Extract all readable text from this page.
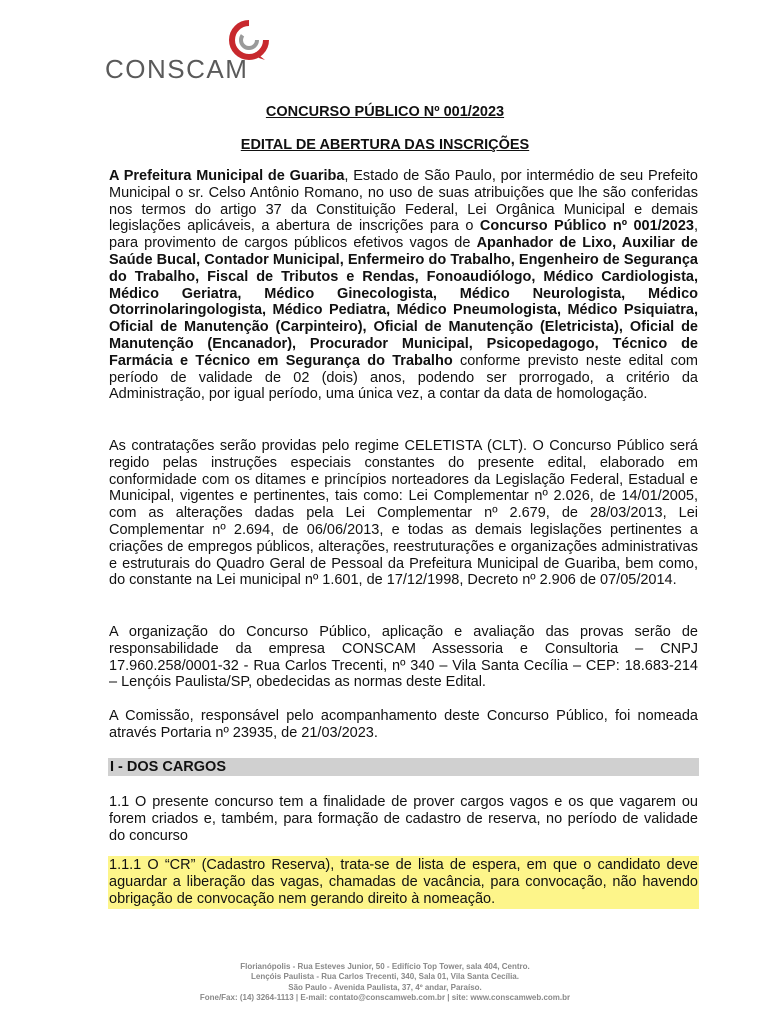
CONSCAM
CONCURSO PÚBLICO Nº 001/2023
EDITAL DE ABERTURA DAS INSCRIÇÕES

A Prefeitura Municipal de Guariba, Estado de São Paulo, por intermédio de seu Prefeito Municipal o sr. Celso Antônio Romano, no uso de suas atribuições que lhe são conferidas nos termos do artigo 37 da Constituição Federal, Lei Orgânica Municipal e demais legislações aplicáveis, a abertura de inscrições para o Concurso Público nº 001/2023, para provimento de cargos públicos efetivos vagos de Apanhador de Lixo, Auxiliar de Saúde Bucal, Contador Municipal, Enfermeiro do Trabalho, Engenheiro de Segurança do Trabalho, Fiscal de Tributos e Rendas, Fonoaudiólogo, Médico Cardiologista, Médico Geriatra, Médico Ginecologista, Médico Neurologista, Médico Otorrinolaringologista, Médico Pediatra, Médico Pneumologista, Médico Psiquiatra, Oficial de Manutenção (Carpinteiro), Oficial de Manutenção (Eletricista), Oficial de Manutenção (Encanador), Procurador Municipal, Psicopedagogo, Técnico de Farmácia e Técnico em Segurança do Trabalho conforme previsto neste edital com período de validade de 02 (dois) anos, podendo ser prorrogado, a critério da Administração, por igual período, uma única vez, a contar da data de homologação.

As contratações serão providas pelo regime CELETISTA (CLT). O Concurso Público será regido pelas instruções especiais constantes do presente edital, elaborado em conformidade com os ditames e princípios norteadores da Legislação Federal, Estadual e Municipal, vigentes e pertinentes, tais como: Lei Complementar nº 2.026, de 14/01/2005, com as alterações dadas pela Lei Complementar nº 2.679, de 28/03/2013, Lei Complementar nº 2.694, de 06/06/2013, e todas as demais legislações pertinentes a criações de empregos públicos, alterações, reestruturações e organizações administrativas e estruturais do Quadro Geral de Pessoal da Prefeitura Municipal de Guariba, bem como, do constante na Lei municipal nº 1.601, de 17/12/1998, Decreto nº 2.906 de 07/05/2014.

A organização do Concurso Público, aplicação e avaliação das provas serão de responsabilidade da empresa CONSCAM Assessoria e Consultoria – CNPJ 17.960.258/0001-32 - Rua Carlos Trecenti, nº 340 – Vila Santa Cecília – CEP: 18.683-214 – Lençóis Paulista/SP, obedecidas as normas deste Edital.

A Comissão, responsável pelo acompanhamento deste Concurso Público, foi nomeada através Portaria nº 23935, de 21/03/2023.

I - DOS CARGOS

1.1 O presente concurso tem a finalidade de prover cargos vagos e os que vagarem ou forem criados e, também, para formação de cadastro de reserva, no período de validade do concurso

1.1.1 O “CR” (Cadastro Reserva), trata-se de lista de espera, em que o candidato deve aguardar a liberação das vagas, chamadas de vacância, para convocação, não havendo obrigação de convocação nem gerando direito à nomeação.

Florianópolis - Rua Esteves Junior, 50 - Edifício Top Tower, sala 404, Centro.
Lençóis Paulista - Rua Carlos Trecenti, 340, Sala 01, Vila Santa Cecília.
São Paulo - Avenida Paulista, 37, 4º andar, Paraíso.
Fone/Fax: (14) 3264-1113 | E-mail: contato@conscamweb.com.br | site: www.conscamweb.com.br
